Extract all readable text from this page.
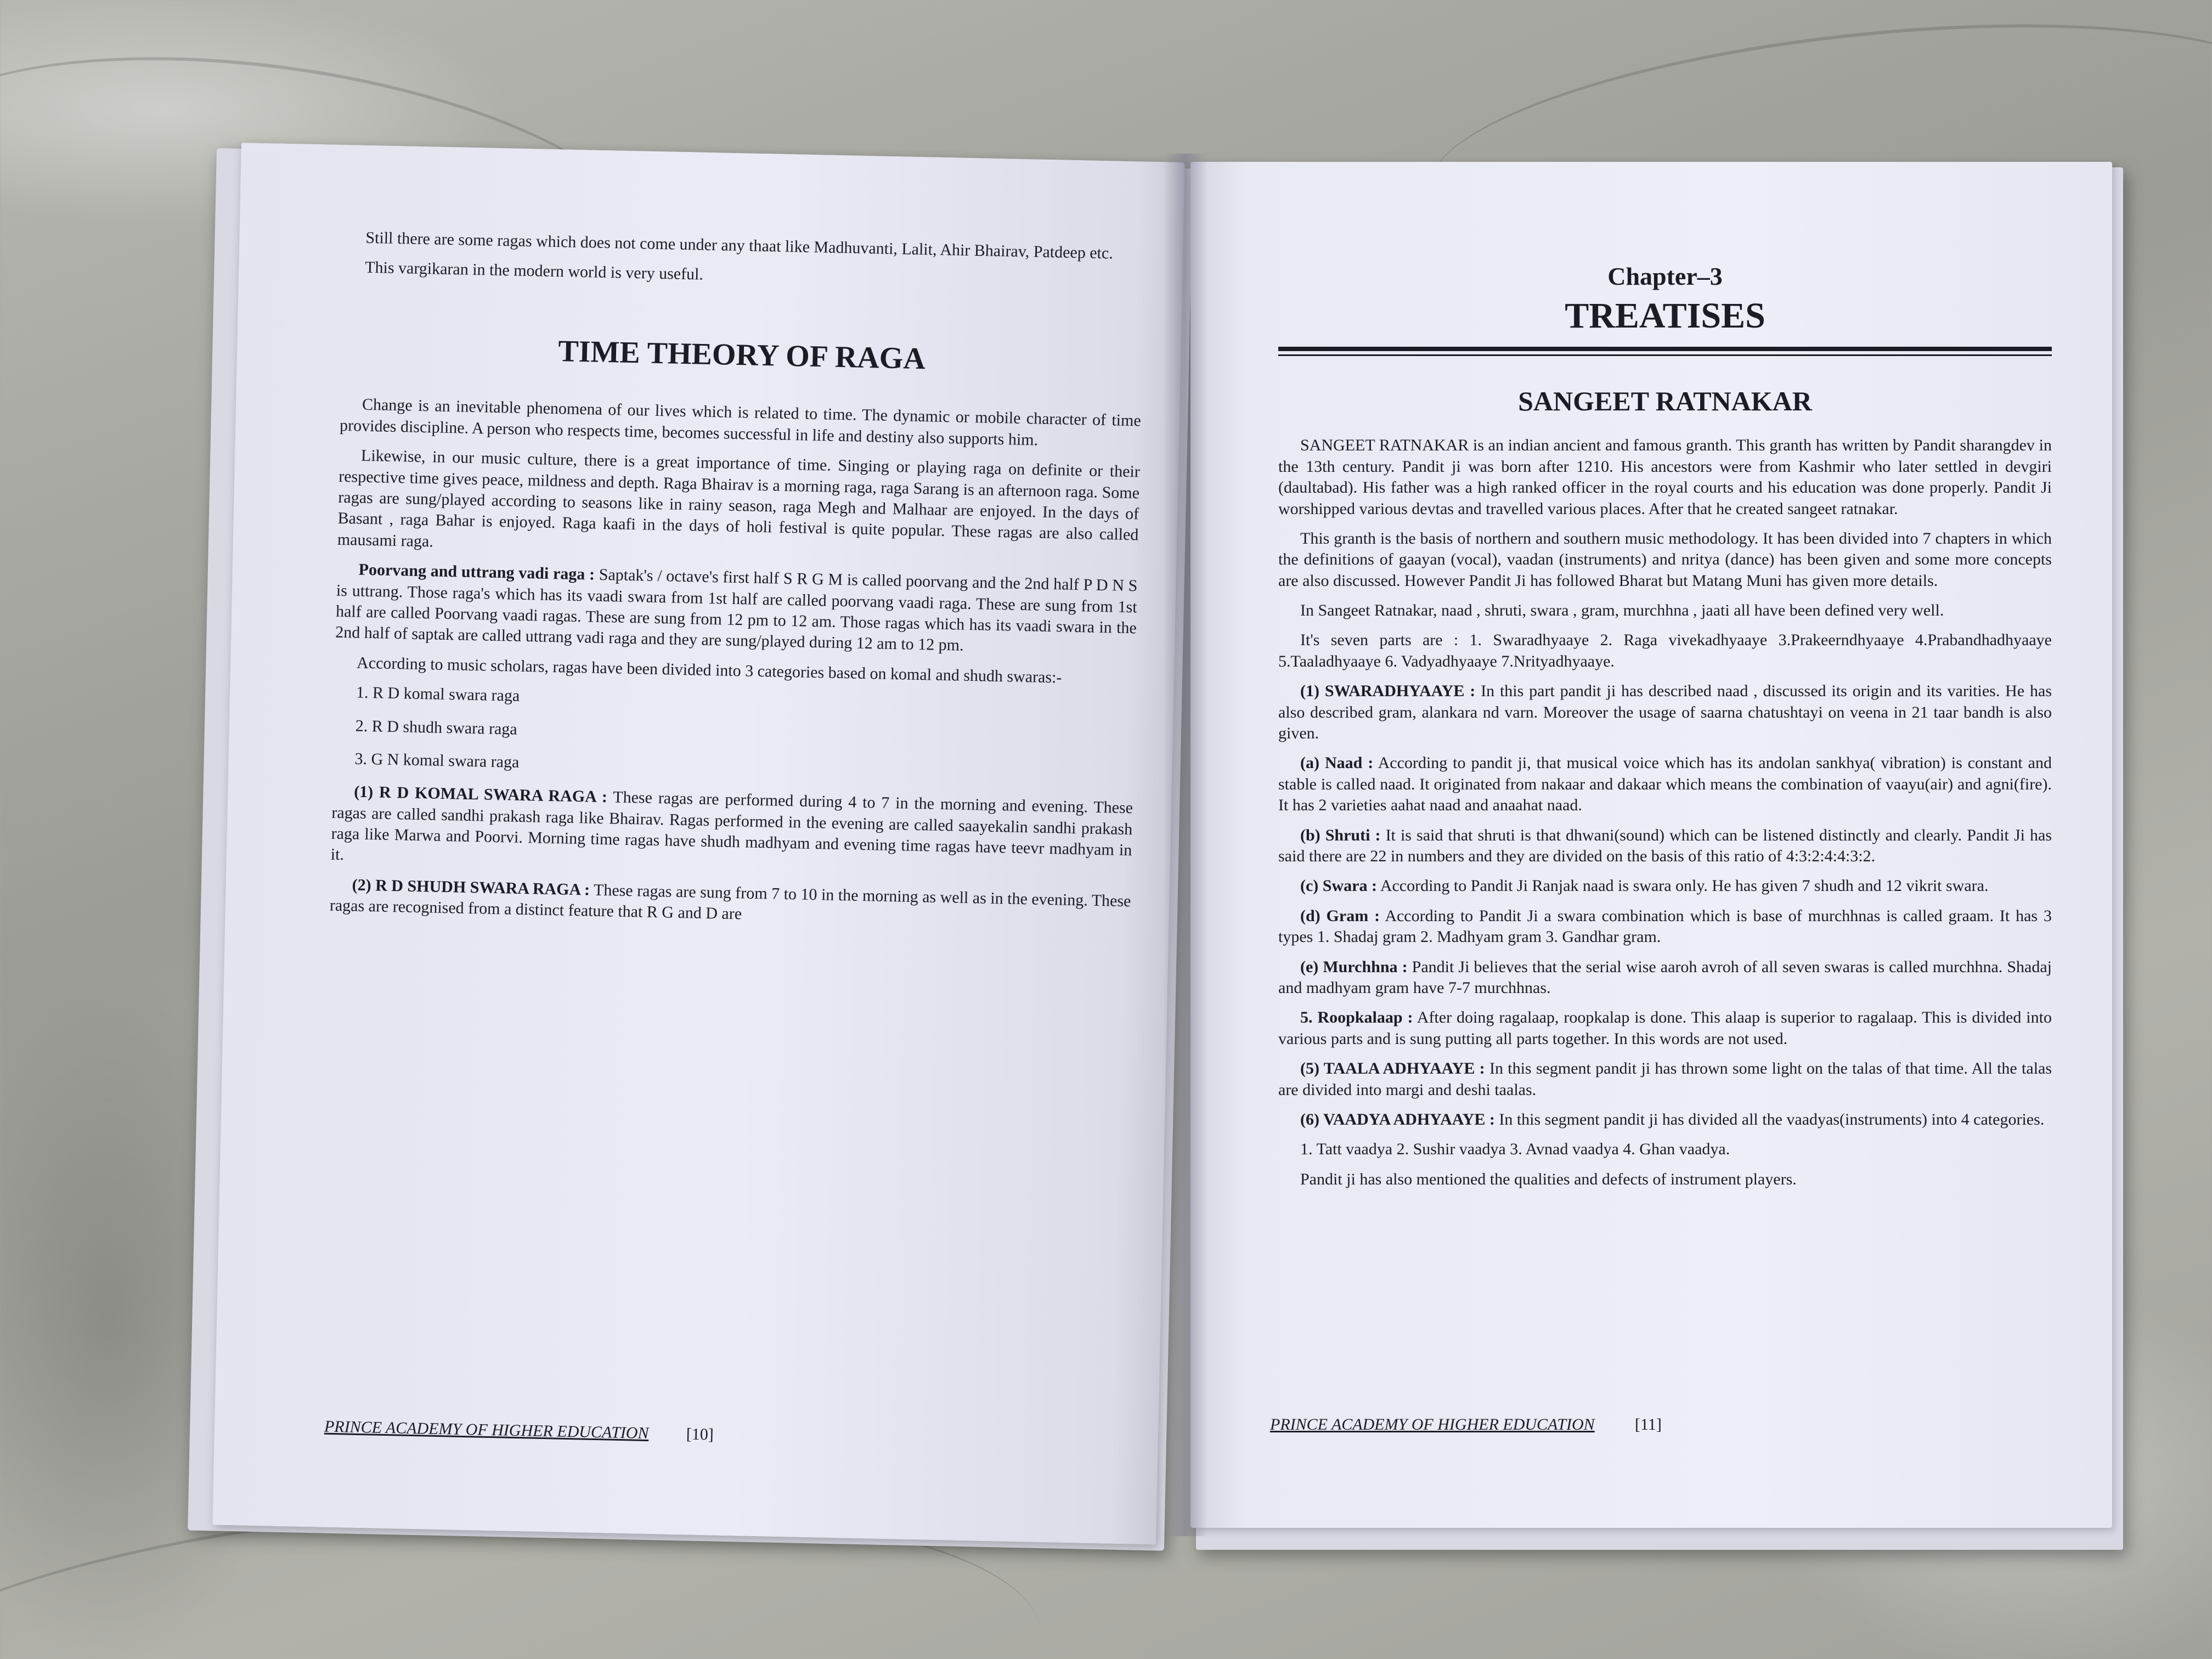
Still there are some ragas which does not come under any thaat like Madhuvanti, Lalit, Ahir Bhairav, Patdeep etc.

This vargikaran in the modern world is very useful.

TIME THEORY OF RAGA

Change is an inevitable phenomena of our lives which is related to time. The dynamic or mobile character of time provides discipline. A person who respects time, becomes successful in life and destiny also supports him.

Likewise, in our music culture, there is a great importance of time. Singing or playing raga on definite or their respective time gives peace, mildness and depth. Raga Bhairav is a morning raga, raga Sarang is an afternoon raga. Some ragas are sung/played according to seasons like in rainy season, raga Megh and Malhaar are enjoyed. In the days of Basant , raga Bahar is enjoyed. Raga kaafi in the days of holi festival is quite popular. These ragas are also called mausami raga.

Poorvang and uttrang vadi raga : Saptak's / octave's first half S R G M is called poorvang and the 2nd half P D N S is uttrang. Those raga's which has its vaadi swara from 1st half are called poorvang vaadi raga. These are sung from 1st half are called Poorvang vaadi ragas. These are sung from 12 pm to 12 am. Those ragas which has its vaadi swara in the 2nd half of saptak are called uttrang vadi raga and they are sung/played during 12 am to 12 pm.

According to music scholars, ragas have been divided into 3 categories based on komal and shudh swaras:-

1. R D komal swara raga
2. R D shudh swara raga
3. G N komal swara raga

(1) R D KOMAL SWARA RAGA : These ragas are performed during 4 to 7 in the morning and evening. These ragas are called sandhi prakash raga like Bhairav. Ragas performed in the evening are called saayekalin sandhi prakash raga like Marwa and Poorvi. Morning time ragas have shudh madhyam and evening time ragas have teevr madhyam in it.

(2) R D SHUDH SWARA RAGA : These ragas are sung from 7 to 10 in the morning as well as in the evening. These ragas are recognised from a distinct feature that R G and D are

PRINCE ACADEMY OF HIGHER EDUCATION [10]
Chapter–3
TREATISES
SANGEET RATNAKAR

SANGEET RATNAKAR is an indian ancient and famous granth. This granth has written by Pandit sharangdev in the 13th century. Pandit ji was born after 1210. His ancestors were from Kashmir who later settled in devgiri (daultabad). His father was a high ranked officer in the royal courts and his education was done properly. Pandit Ji worshipped various devtas and travelled various places. After that he created sangeet ratnakar.

This granth is the basis of northern and southern music methodology. It has been divided into 7 chapters in which the definitions of gaayan (vocal), vaadan (instruments) and nritya (dance) has been given and some more concepts are also discussed. However Pandit Ji has followed Bharat but Matang Muni has given more details.

In Sangeet Ratnakar, naad , shruti, swara , gram, murchhna , jaati all have been defined very well.

It's seven parts are : 1. Swaradhyaaye 2. Raga vivekadhyaaye 3.Prakeerndhyaaye 4.Prabandhadhyaaye 5.Taaladhyaaye 6. Vadyadhyaaye 7.Nrityadhyaaye.

(1) SWARADHYAAYE : In this part pandit ji has described naad , discussed its origin and its varities. He has also described gram, alankara nd varn. Moreover the usage of saarna chatushtayi on veena in 21 taar bandh is also given.

(a) Naad : According to pandit ji, that musical voice which has its andolan sankhya( vibration) is constant and stable is called naad. It originated from nakaar and dakaar which means the combination of vaayu(air) and agni(fire). It has 2 varieties aahat naad and anaahat naad.

(b) Shruti : It is said that shruti is that dhwani(sound) which can be listened distinctly and clearly. Pandit Ji has said there are 22 in numbers and they are divided on the basis of this ratio of 4:3:2:4:4:3:2.

(c) Swara : According to Pandit Ji Ranjak naad is swara only. He has given 7 shudh and 12 vikrit swara.

(d) Gram : According to Pandit Ji a swara combination which is base of murchhnas is called graam. It has 3 types 1. Shadaj gram 2. Madhyam gram 3. Gandhar gram.

(e) Murchhna : Pandit Ji believes that the serial wise aaroh avroh of all seven swaras is called murchhna. Shadaj and madhyam gram have 7-7 murchhnas.

5. Roopkalaap : After doing ragalaap, roopkalap is done. This alaap is superior to ragalaap. This is divided into various parts and is sung putting all parts together. In this words are not used.

(5) TAALA ADHYAAYE : In this segment pandit ji has thrown some light on the talas of that time. All the talas are divided into margi and deshi taalas.

(6) VAADYA ADHYAAYE : In this segment pandit ji has divided all the vaadyas(instruments) into 4 categories.

1. Tatt vaadya 2. Sushir vaadya 3. Avnad vaadya 4. Ghan vaadya.

Pandit ji has also mentioned the qualities and defects of instrument players.

PRINCE ACADEMY OF HIGHER EDUCATION [11]
